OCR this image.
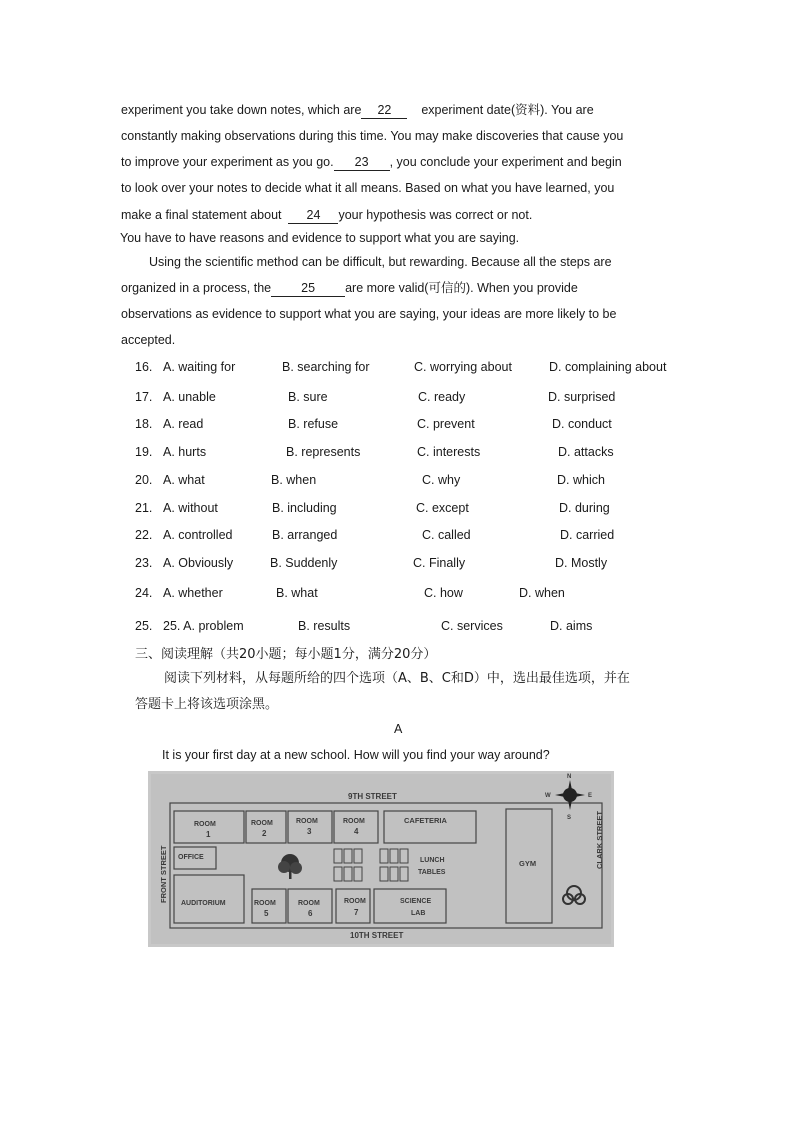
experiment you take down notes, which are 22 experiment date(资料). You are
constantly making observations during this time. You may make discoveries that cause you
to improve your experiment as you go. 23 , you conclude your experiment and begin
to look over your notes to decide what it all means. Based on what you have learned, you
make a final statement about 24 your hypothesis was correct or not.
You have to have reasons and evidence to support what you are saying.
Using the scientific method can be difficult, but rewarding. Because all the steps are
organized in a process, the 25 are more valid(可信的). When you provide
observations as evidence to support what you are saying, your ideas are more likely to be
accepted.
16. A. waiting for	B. searching for	C. worrying about	D. complaining about
17. A. unable	B. sure	C. ready	D. surprised
18. A. read	B. refuse	C. prevent	D. conduct
19. A. hurts	B. represents	C. interests	D. attacks
20. A. what	B. when	C. why	D. which
21. A. without	B. including	C. except	D. during
22. A. controlled	B. arranged	C. called	D. carried
23. A. Obviously	B. Suddenly	C. Finally	D. Mostly
24. A. whether	B. what	C. how	D. when
25. 25. A. problem	B. results	C. services	D. aims
三、阅读理解（共20小题；每小题1分，满分20分）
阅读下列材料，从每题所给的四个选项（A、B、C和D）中，选出最佳选项，并在
答题卡上将该选项涂黑。
A
It is your first day at a new school. How will you find your way around?
9TH STREET
10TH STREET
FRONT STREET
CLARK STREET
N
S
E
W
ROOM
1
ROOM
2
ROOM
3
ROOM
4
CAFETERIA
OFFICE
AUDITORIUM	ROOM
5
ROOM
6
ROOM
7
SCIENCE
LAB
LUNCH
TABLES
GYM
